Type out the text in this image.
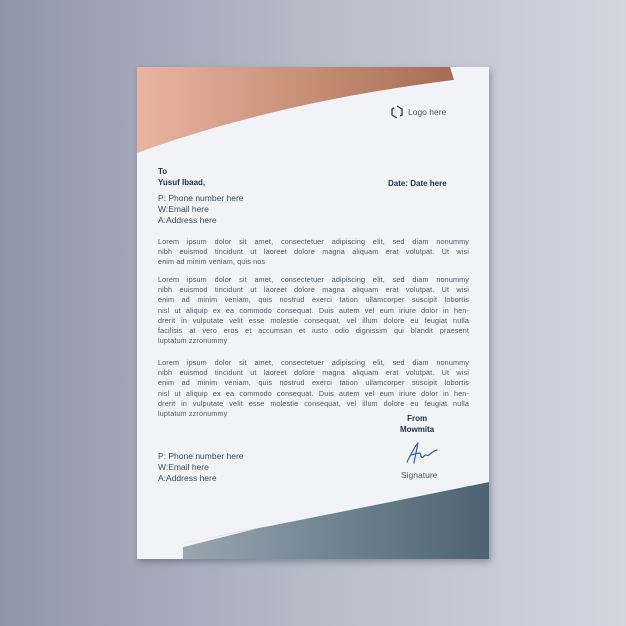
Logo here
To
Yusuf Ibaad,	Date: Date here
P: Phone number here
W:Email here
A:Address here
Lorem ipsum dolor sit amet, consectetuer adipiscing elit, sed diam nonummy
nibh euismod tincidunt ut laoreet dolore magna aliquam erat volutpat. Ut wisi
enim ad minim veniam, quis nos
Lorem ipsum dolor sit amet, consectetuer adipiscing elit, sed diam nonummy
nibh euismod tincidunt ut laoreet dolore magna aliquam erat volutpat. Ut wisi
enim ad minim veniam, quis nostrud exerci tation ullamcorper suscipit lobortis
nisl ut aliquip ex ea commodo consequat. Duis autem vel eum iriure dolor in hen-
drerit in vulputate velit esse molestie consequat, vel illum dolore eu feugiat nulla
facilisis at vero eros et accumsan et iusto odio dignissim qui blandit praesent
luptatum zzronummy
Lorem ipsum dolor sit amet, consectetuer adipiscing elit, sed diam nonummy
nibh euismod tincidunt ut laoreet dolore magna aliquam erat volutpat. Ut wisi
enim ad minim veniam, quis nostrud exerci tation ullamcorper suscipit lobortis
nisl ut aliquip ex ea commodo consequat. Duis autem vel eum iriure dolor in hen-
drerit in vulputate velit esse molestie consequat, vel illum dolore eu feugiat nulla
luptatum zzronummy
From
Mowmita
Signature
P: Phone number here
W:Email here
A:Address here
